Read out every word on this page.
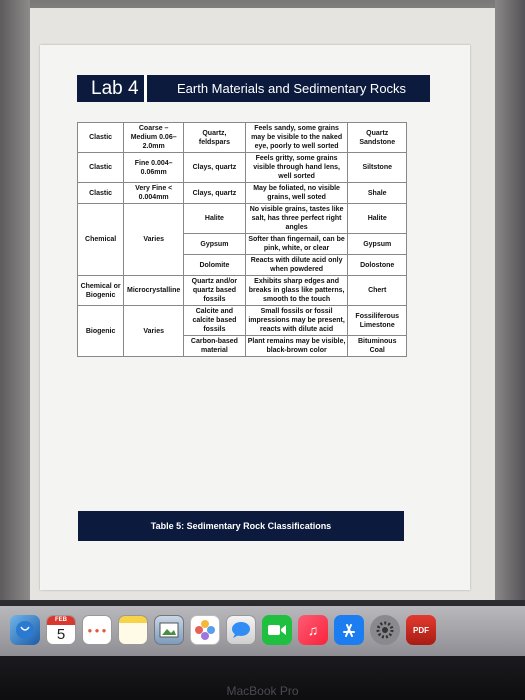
Lab 4	Earth Materials and Sedimentary Rocks
Clastic	Coarse – Medium 0.06–2.0mm	Quartz, feldspars	Feels sandy, some grains may be visible to the naked eye, poorly to well sorted	Quartz Sandstone
Clastic	Fine 0.004–0.06mm	Clays, quartz	Feels gritty, some grains visible through hand lens, well sorted	Siltstone
Clastic	Very Fine < 0.004mm	Clays, quartz	May be foliated, no visible grains, well soted	Shale
Chemical	Varies	Halite	No visible grains, tastes like salt, has three perfect right angles	Halite
		Gypsum	Softer than fingernail, can be pink, white, or clear	Gypsum
		Dolomite	Reacts with dilute acid only when powdered	Dolostone
Chemical or Biogenic	Microcrystalline	Quartz and/or quartz based fossils	Exhibits sharp edges and breaks in glass like patterns, smooth to the touch	Chert
Biogenic	Varies	Calcite and calcite based fossils	Small fossils or fossil impressions may be present, reacts with dilute acid	Fossiliferous Limestone
		Carbon-based material	Plant remains may be visible, black-brown color	Bituminous Coal
Table 5: Sedimentary Rock Classifications
FEB
5	● ● ●	♫	PDF
MacBook Pro
